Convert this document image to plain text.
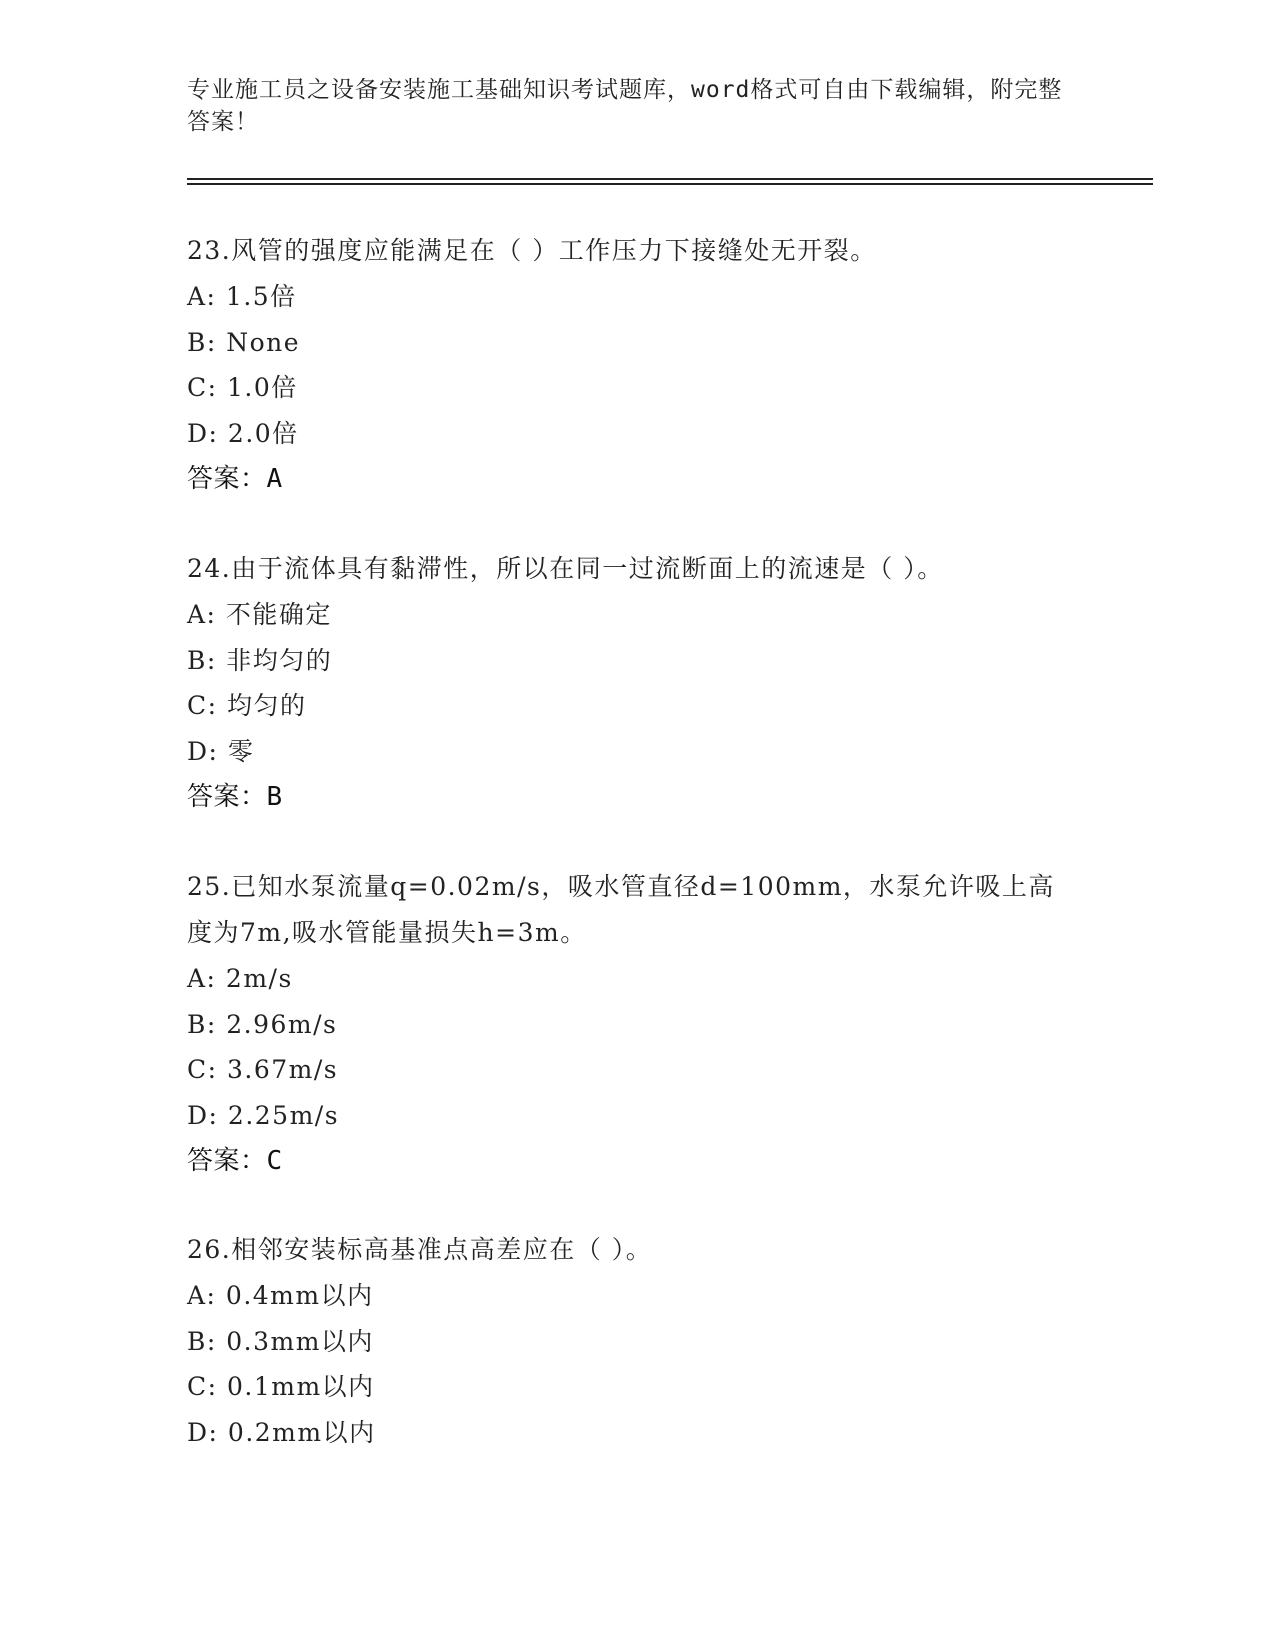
专业施工员之设备安装施工基础知识考试题库，word格式可自由下载编辑，附完整答案！

23.风管的强度应能满足在（ ）工作压力下接缝处无开裂。

A: 1.5倍

B: None

C: 1.0倍

D: 2.0倍

答案：A

24.由于流体具有黏滞性，所以在同一过流断面上的流速是（ ）。

A: 不能确定

B: 非均匀的

C: 均匀的

D: 零

答案：B

25.已知水泵流量q=0.02m/s，吸水管直径d=100mm，水泵允许吸上高度为7m,吸水管能量损失h=3m。

A: 2m/s

B: 2.96m/s

C: 3.67m/s

D: 2.25m/s

答案：C

26.相邻安装标高基准点高差应在（ ）。

A: 0.4mm以内

B: 0.3mm以内

C: 0.1mm以内

D: 0.2mm以内
